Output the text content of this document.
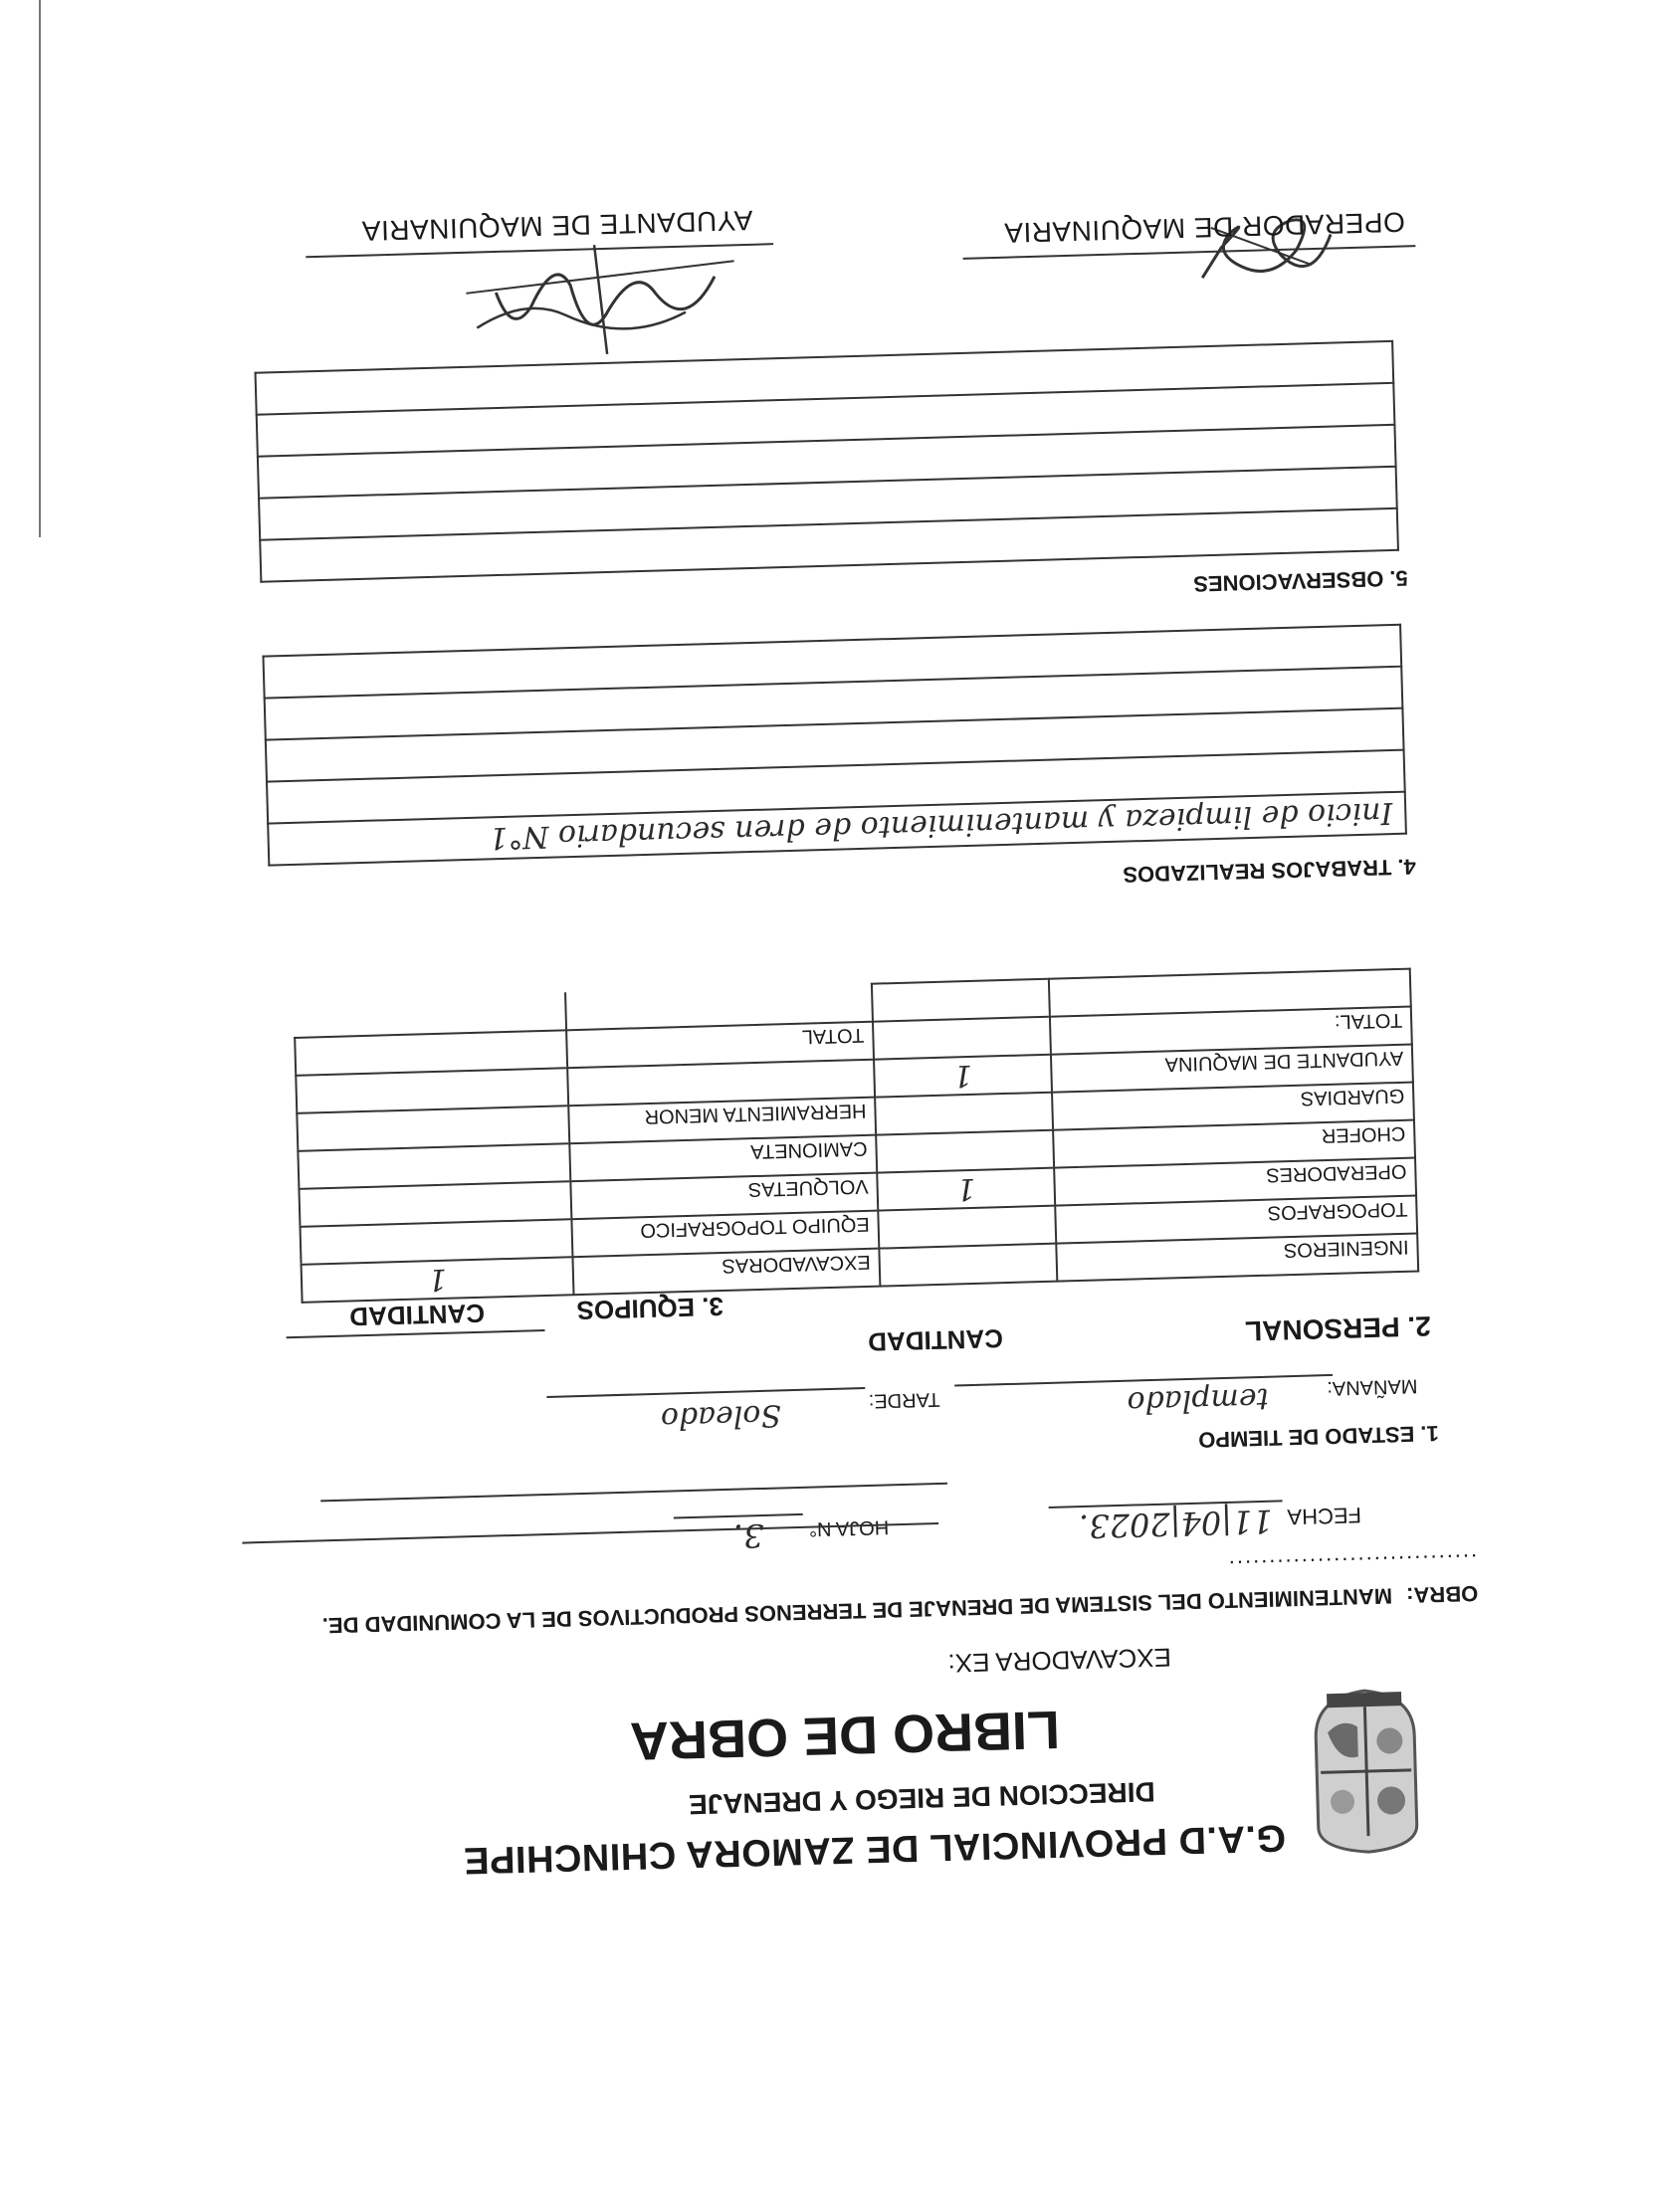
G.A.D PROVINCIAL DE ZAMORA CHINCHIPE
DIRECCION DE RIEGO Y DRENAJE
LIBRO DE OBRA
EXCAVADORA EX:
OBRA: MANTENIMIENTO DEL SISTEMA DE DRENAJE DE TERRENOS PRODUCTIVOS DE LA COMUNIDAD DE. ...............................
FECHA 11|04|2023.
HOJA N° 3.
1. ESTADO DE TIEMPO
MAÑANA:
templado
TARDE:
Soleado
2. PERSONAL
CANTIDAD
3. EQUIPOS
CANTIDAD
INGENIEROS		EXCAVADORAS	1
TOPOGRAFOS		EQUIPO TOPOGRAFICO	
OPERADORES	1	VOLQUETAS	
CHOFER		CAMIONETA	
GUARDIAS		HERRAMIENTA MENOR	
AYUDANTE DE MAQUINA	1		
TOTAL:		TOTAL	

4. TRABAJOS REALIZADOS
Inicio de limpieza y mantenimiento de dren secundario N°1

5. OBSERVACIONES

OPERADOR DE MAQUINARIA
AYUDANTE DE MAQUINARIA
